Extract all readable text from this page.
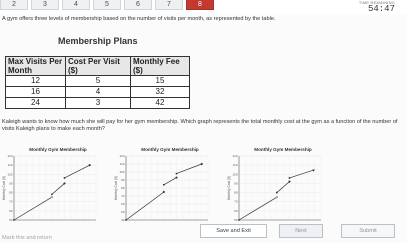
2	3	4	5	6	7	8	TIME REMAINING
54:47
A gym offers three levels of membership based on the number of visits per month, as represented by the table.
Membership Plans
Max Visits Per Month	Cost Per Visit ($)	Monthly Fee ($)
12	5	15
16	4	32
24	3	42
Kaleigh wants to know how much she will pay for her gym membership. Which graph represents the total monthly cost at the gym as a function of the number of visits Kaleigh plans to make each month?
Monthly Gym Membership
120
110
100
90
80
70
60
50
Monthly Cost ($)
Monthly Gym Membership
120
110
100
90
80
70
60
50
40
Monthly Cost ($)
Monthly Gym Membership
120
110
100
90
80
70
60
50
Monthly Cost ($)
Mark this and return
Save and Exit	Next	Submit
